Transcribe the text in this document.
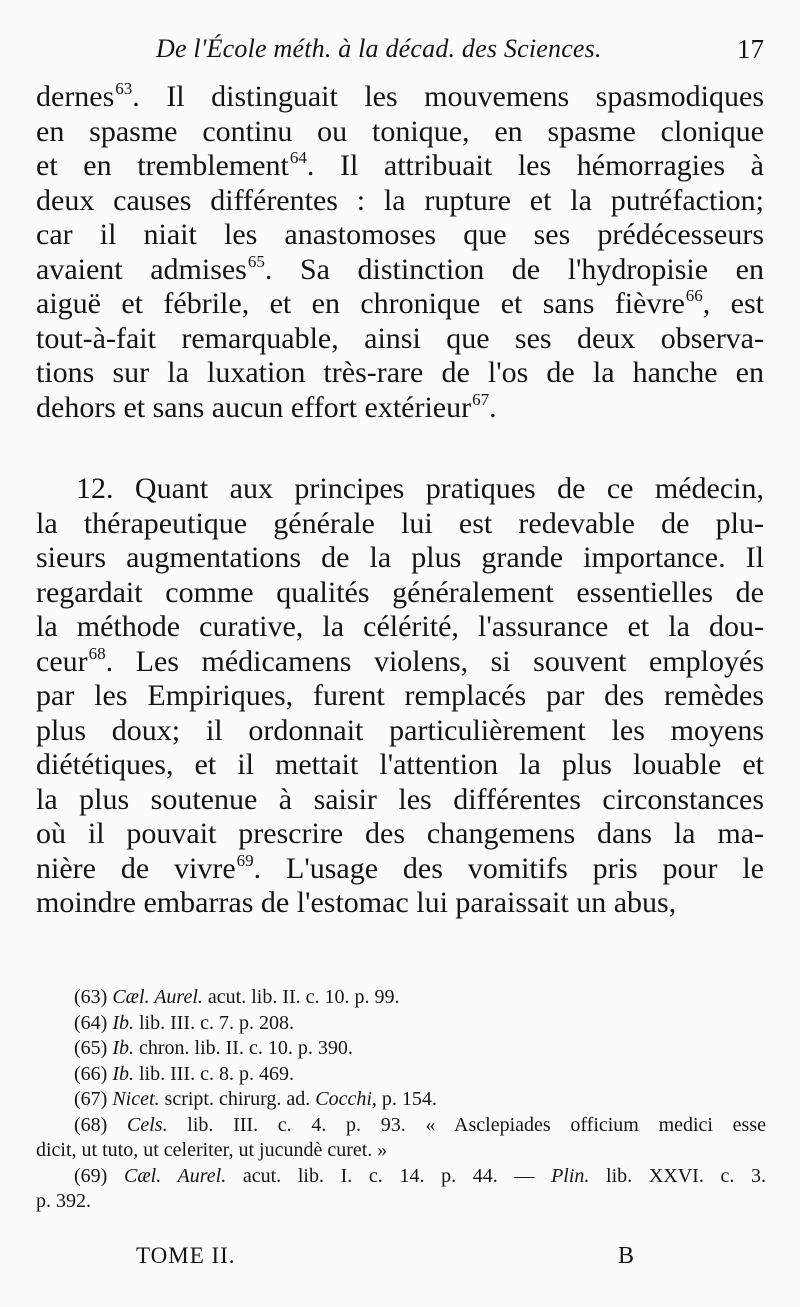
De l'École méth. à la décad. des Sciences.	17
dernes$^{63}$. Il distinguait les mouvemens spasmodiques
en spasme continu ou tonique, en spasme clonique
et en tremblement$^{64}$. Il attribuait les hémorragies à
deux causes différentes : la rupture et la putréfaction;
car il niait les anastomoses que ses prédécesseurs
avaient admises$^{65}$. Sa distinction de l'hydropisie en
aiguë et fébrile, et en chronique et sans fièvre$^{66}$, est
tout-à-fait remarquable, ainsi que ses deux observa-
tions sur la luxation très-rare de l'os de la hanche en
dehors et sans aucun effort extérieur$^{67}$.
12. Quant aux principes pratiques de ce médecin,
la thérapeutique générale lui est redevable de plu-
sieurs augmentations de la plus grande importance. Il
regardait comme qualités généralement essentielles de
la méthode curative, la célérité, l'assurance et la dou-
ceur$^{68}$. Les médicamens violens, si souvent employés
par les Empiriques, furent remplacés par des remèdes
plus doux; il ordonnait particulièrement les moyens
diététiques, et il mettait l'attention la plus louable et
la plus soutenue à saisir les différentes circonstances
où il pouvait prescrire des changemens dans la ma-
nière de vivre$^{69}$. L'usage des vomitifs pris pour le
moindre embarras de l'estomac lui paraissait un abus,
(63) Cæl. Aurel. acut. lib. II. c. 10. p. 99.
(64) Ib. lib. III. c. 7. p. 208.
(65) Ib. chron. lib. II. c. 10. p. 390.
(66) Ib. lib. III. c. 8. p. 469.
(67) Nicet. script. chirurg. ad. Cocchi, p. 154.
(68) Cels. lib. III. c. 4. p. 93. « Asclepiades officium medici esse
dicit, ut tuto, ut celeriter, ut jucundè curet. »
(69) Cæl. Aurel. acut. lib. I. c. 14. p. 44. — Plin. lib. XXVI. c. 3.
p. 392.
TOME II.	B
